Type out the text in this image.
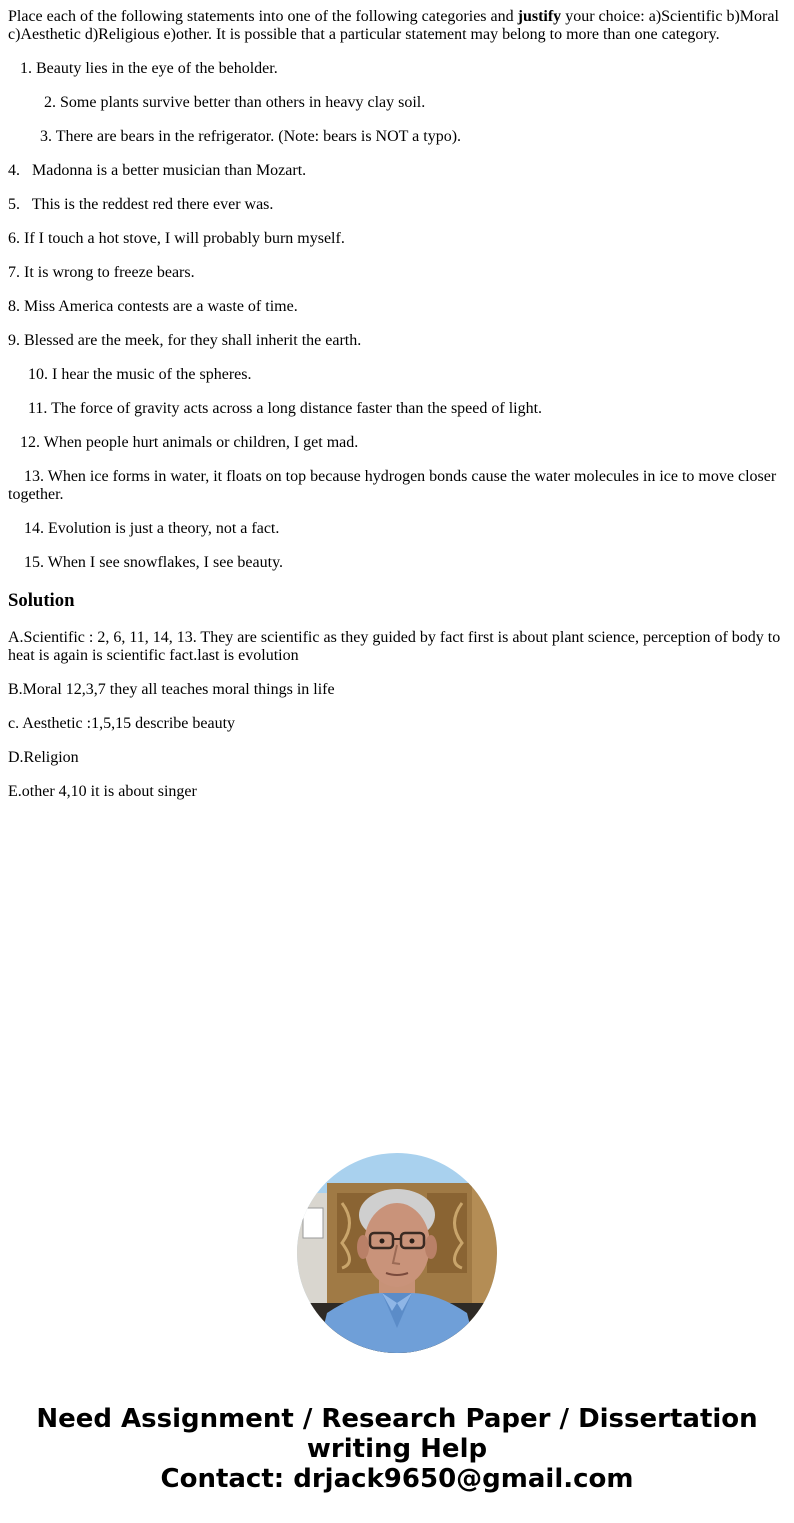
Place each of the following statements into one of the following categories and justify your choice: a)Scientific b)Moral c)Aesthetic d)Religious e)other. It is possible that a particular statement may belong to more than one category.

1. Beauty lies in the eye of the beholder.

2. Some plants survive better than others in heavy clay soil.

3. There are bears in the refrigerator. (Note: bears is NOT a typo).

4.   Madonna is a better musician than Mozart.

5.   This is the reddest red there ever was.

6. If I touch a hot stove, I will probably burn myself.

7. It is wrong to freeze bears.

8. Miss America contests are a waste of time.

9. Blessed are the meek, for they shall inherit the earth.

10. I hear the music of the spheres.

11. The force of gravity acts across a long distance faster than the speed of light.

12. When people hurt animals or children, I get mad.

13. When ice forms in water, it floats on top because hydrogen bonds cause the water molecules in ice to move closer together.

14. Evolution is just a theory, not a fact.

15. When I see snowflakes, I see beauty.

Solution

A.Scientific : 2, 6, 11, 14, 13. They are scientific as they guided by fact first is about plant science, perception of body to heat is again is scientific fact.last is evolution

B.Moral 12,3,7 they all teaches moral things in life

c. Aesthetic :1,5,15 describe beauty

D.Religion

E.other 4,10 it is about singer

Need Assignment / Research Paper / Dissertation
writing Help
Contact: drjack9650@gmail.com
